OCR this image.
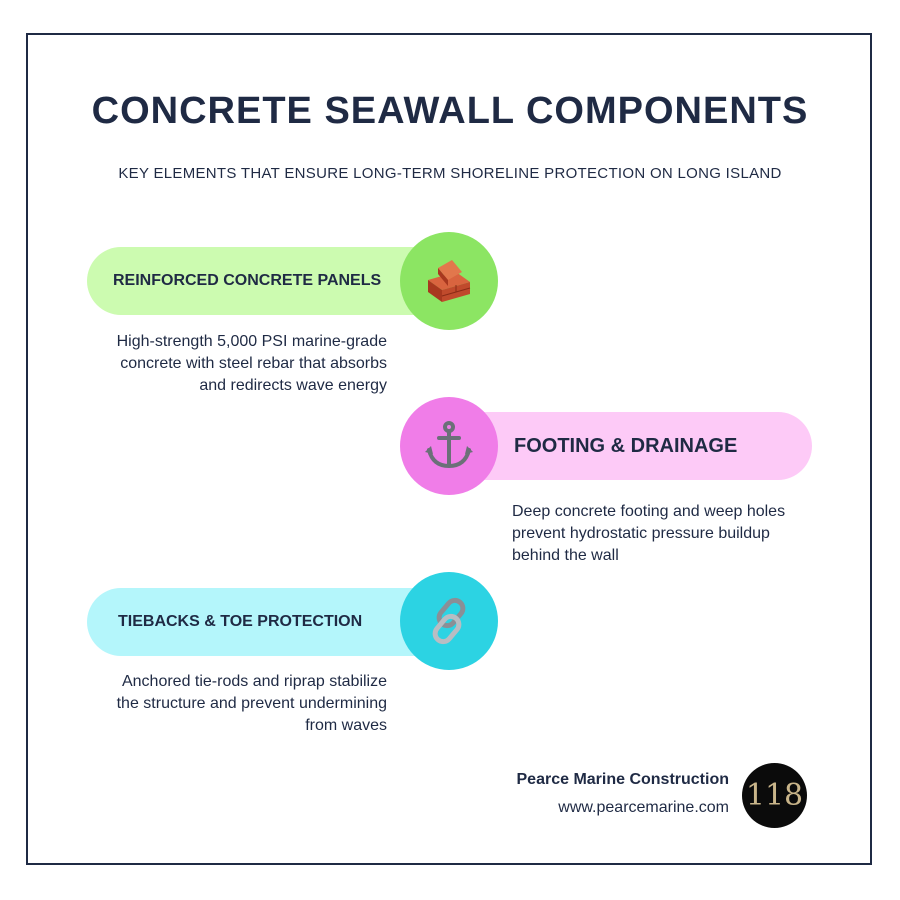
CONCRETE SEAWALL COMPONENTS
KEY ELEMENTS THAT ENSURE LONG-TERM SHORELINE PROTECTION ON LONG ISLAND
REINFORCED CONCRETE PANELS
High-strength 5,000 PSI marine-grade concrete with steel rebar that absorbs and redirects wave energy
FOOTING & DRAINAGE
Deep concrete footing and weep holes prevent hydrostatic pressure buildup behind the wall
TIEBACKS & TOE PROTECTION
Anchored tie-rods and riprap stabilize the structure and prevent undermining from waves
Pearce Marine Construction
www.pearcemarine.com 118
